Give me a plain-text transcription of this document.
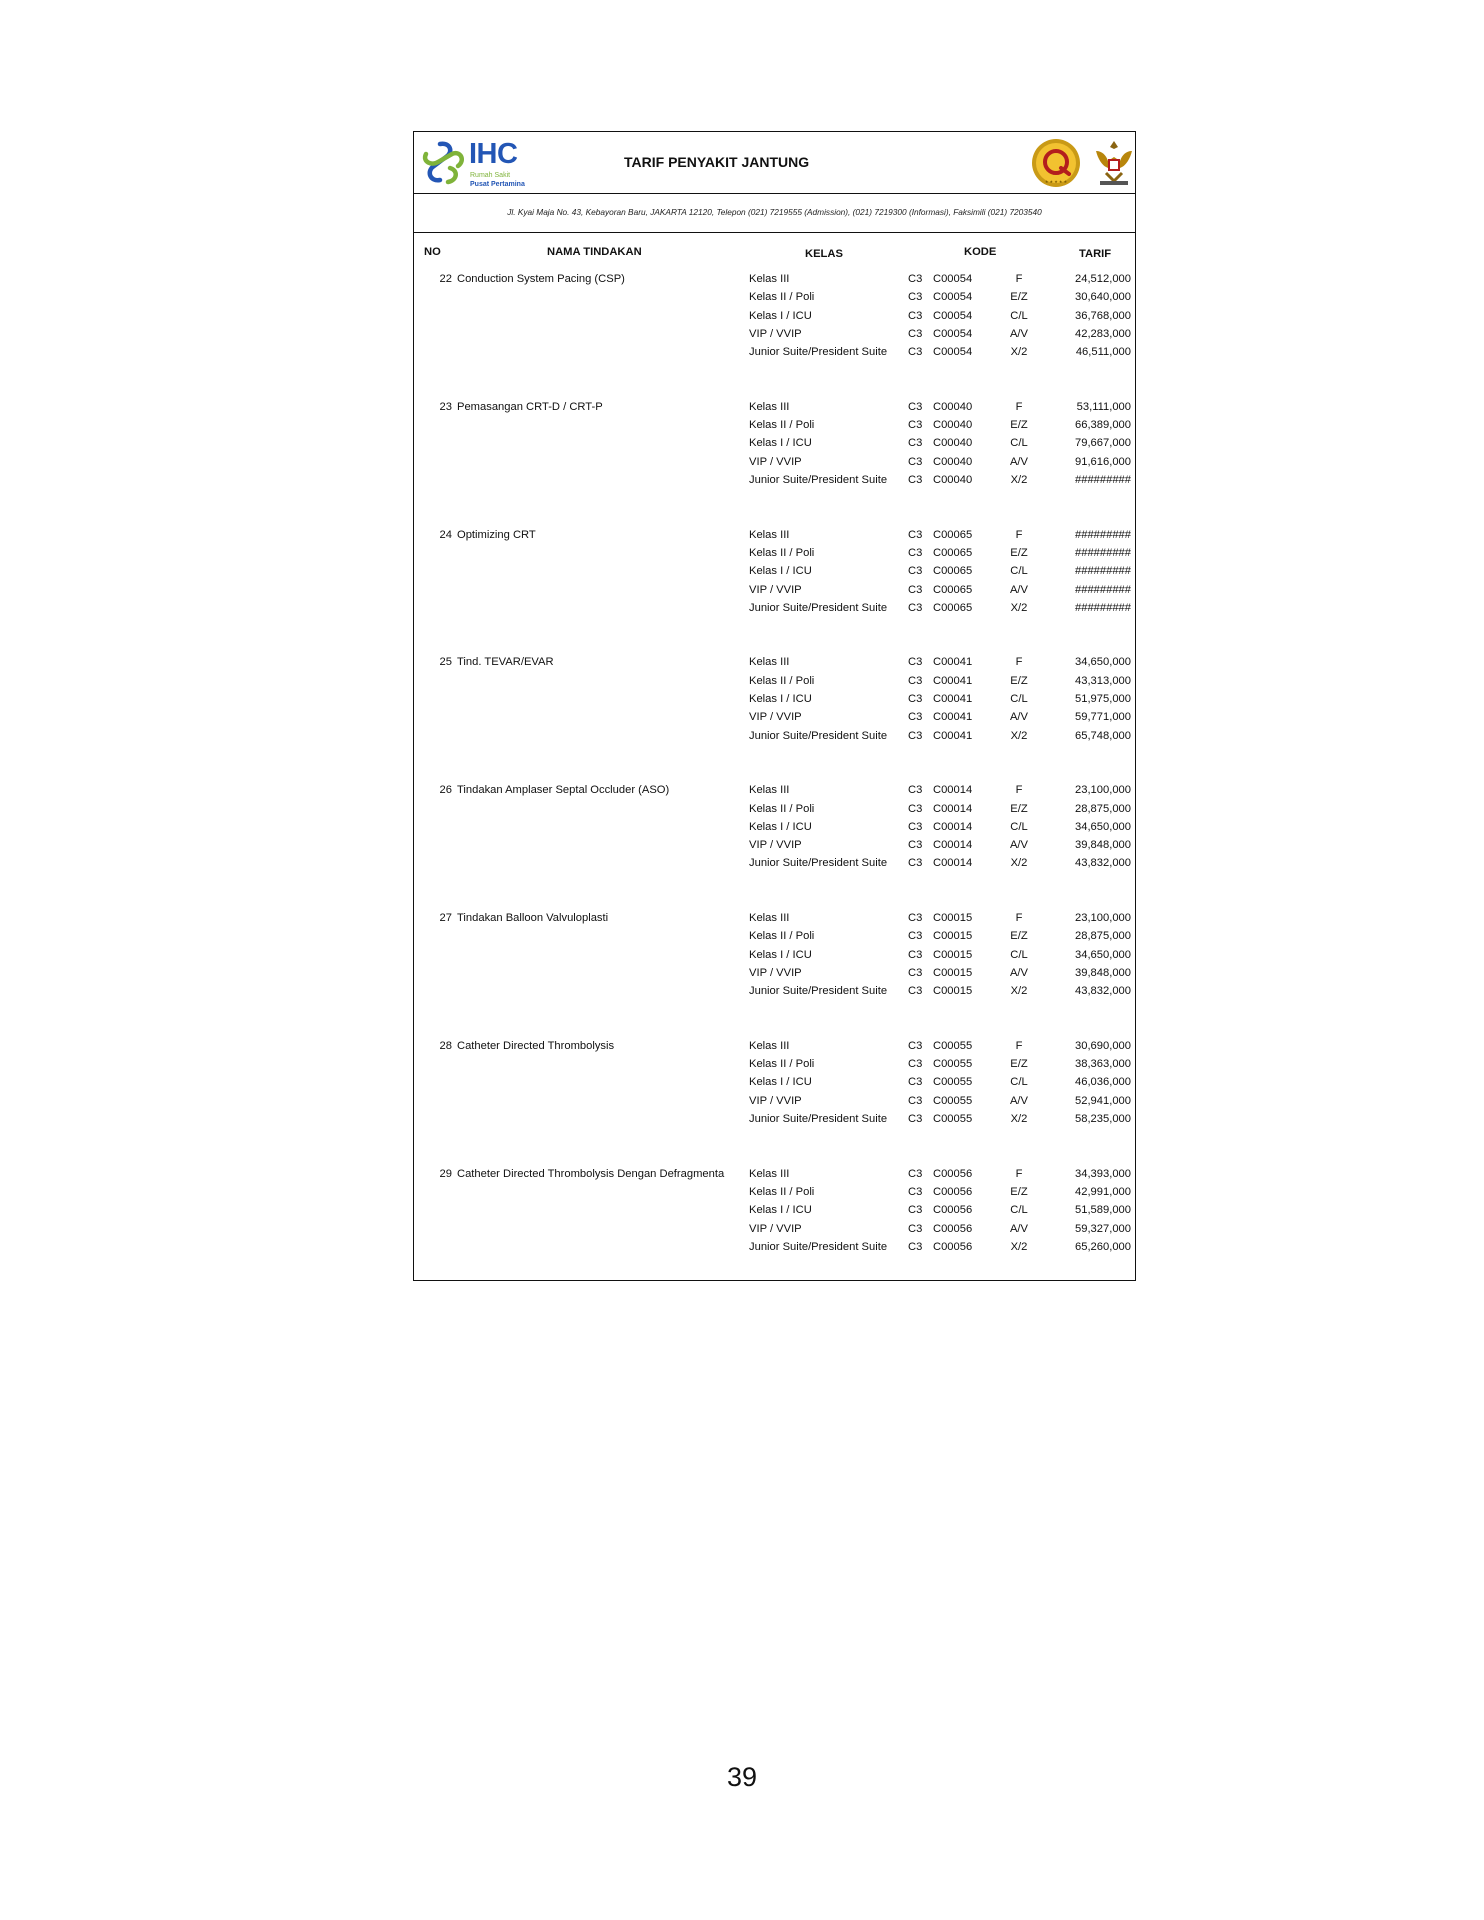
IHC
Rumah Sakit
Pusat Pertamina
TARIF PENYAKIT JANTUNG
★ ★ ★ ★ ★
Jl. Kyai Maja No. 43, Kebayoran Baru, JAKARTA 12120, Telepon (021) 7219555 (Admission), (021) 7219300 (Informasi), Faksimili (021) 7203540
NO	NAMA TINDAKAN	KELAS	KODE	TARIF
22 Conduction System Pacing (CSP)	Kelas III	C3 C00054	F	24,512,000
Kelas II / Poli	C3 C00054	E/Z	30,640,000
Kelas I / ICU	C3 C00054	C/L	36,768,000
VIP / VVIP	C3 C00054	A/V	42,283,000
Junior Suite/President Suite C3 C00054	X/2	46,511,000
23 Pemasangan CRT-D / CRT-P	Kelas III	C3 C00040	F	53,111,000
Kelas II / Poli	C3 C00040	E/Z	66,389,000
Kelas I / ICU	C3 C00040	C/L	79,667,000
VIP / VVIP	C3 C00040	A/V	91,616,000
Junior Suite/President Suite C3 C00040	X/2	#########
24 Optimizing CRT	Kelas III	C3 C00065	F	#########
Kelas II / Poli	C3 C00065	E/Z	#########
Kelas I / ICU	C3 C00065	C/L	#########
VIP / VVIP	C3 C00065	A/V	#########
Junior Suite/President Suite C3 C00065	X/2	#########
25 Tind. TEVAR/EVAR	Kelas III	C3 C00041	F	34,650,000
Kelas II / Poli	C3 C00041	E/Z	43,313,000
Kelas I / ICU	C3 C00041	C/L	51,975,000
VIP / VVIP	C3 C00041	A/V	59,771,000
Junior Suite/President Suite C3 C00041	X/2	65,748,000
26 Tindakan Amplaser Septal Occluder (ASO)	Kelas III	C3 C00014	F	23,100,000
Kelas II / Poli	C3 C00014	E/Z	28,875,000
Kelas I / ICU	C3 C00014	C/L	34,650,000
VIP / VVIP	C3 C00014	A/V	39,848,000
Junior Suite/President Suite C3 C00014	X/2	43,832,000
27 Tindakan Balloon Valvuloplasti	Kelas III	C3 C00015	F	23,100,000
Kelas II / Poli	C3 C00015	E/Z	28,875,000
Kelas I / ICU	C3 C00015	C/L	34,650,000
VIP / VVIP	C3 C00015	A/V	39,848,000
Junior Suite/President Suite C3 C00015	X/2	43,832,000
28 Catheter Directed Thrombolysis	Kelas III	C3 C00055	F	30,690,000
Kelas II / Poli	C3 C00055	E/Z	38,363,000
Kelas I / ICU	C3 C00055	C/L	46,036,000
VIP / VVIP	C3 C00055	A/V	52,941,000
Junior Suite/President Suite C3 C00055	X/2	58,235,000
29 Catheter Directed Thrombolysis Dengan Defragmenta Kelas III	C3 C00056	F	34,393,000
Kelas II / Poli	C3 C00056	E/Z	42,991,000
Kelas I / ICU	C3 C00056	C/L	51,589,000
VIP / VVIP	C3 C00056	A/V	59,327,000
Junior Suite/President Suite C3 C00056	X/2	65,260,000
39
